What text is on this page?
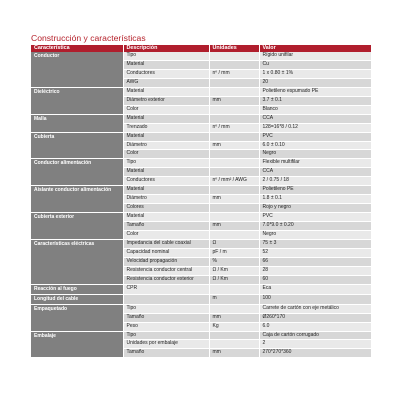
Construcción y características
Característica	Descripción	Unidades	Valor
Conductor	Tipo		Rígido unifilar
	Material		Cu
	Conductores	nº / mm	1 x 0.80 ± 1%
	AWG		20
Dieléctrico	Material		Polietileno espumado PE
	Diámetro exterior	mm	3.7 ± 0.1
	Color		Blanco
Malla	Material		CCA
	Trenzado	nº / mm	128=16*8 / 0.12
Cubierta	Material		PVC
	Diámetro	mm	6.0 ± 0.10
	Color		Negro
Conductor alimentación	Tipo		Flexible multifilar
	Material		CCA
	Conductores	nº / mm² / AWG	2 / 0.75 / 18
Aislante conductor alimentación	Material		Polietileno PE
	Diámetro	mm	1.8 ± 0.1
	Colores		Rojo y negro
Cubierta exterior	Material		PVC
	Tamaño	mm	7.0*9.0 ± 0.20
	Color		Negro
Características eléctricas	Impedancia del cable coaxial	Ω	75 ± 3
	Capacidad nominal	pF / m	52
	Velocidad propagación	%	66
	Resistencia conductor central	Ω / Km	28
	Resistencia conductor exterior	Ω / Km	60
Reacción al fuego	CPR		Eca
Longitud del cable		m	100
Empaquetado	Tipo		Carrete de cartón con eje metálico
	Tamaño	mm	Ø260*170
	Peso	Kg	6.0
Embalaje	Tipo		Caja de cartón corrugado
	Unidades por embalaje		2
	Tamaño	mm	270*270*360
